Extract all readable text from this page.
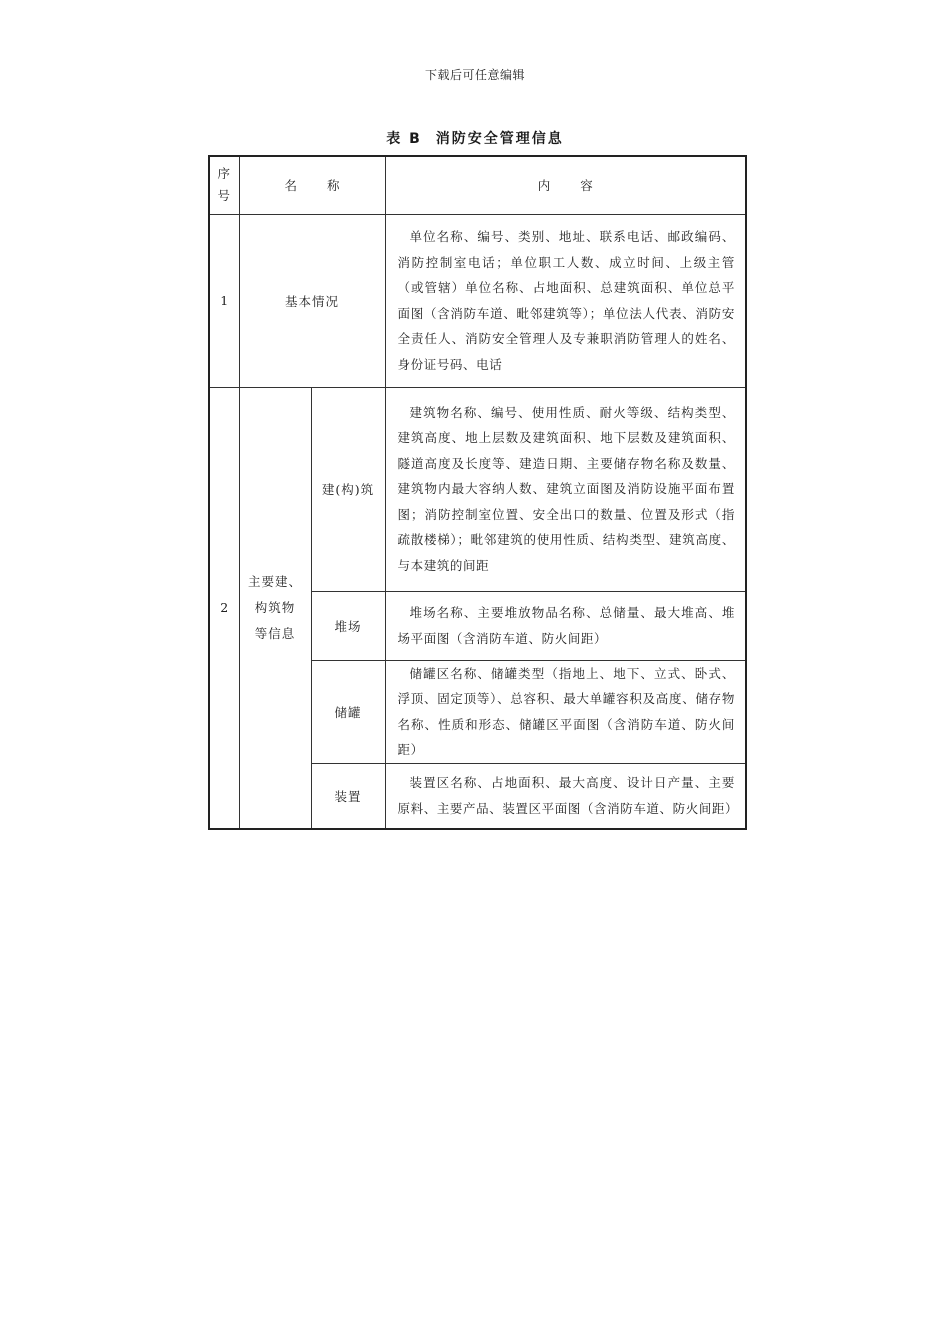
下载后可任意编辑
表 B 消防安全管理信息
序
号	名称		内容
1	基本情况		单位名称、编号、类别、地址、联系电话、邮政编码、消防控制室电话；单位职工人数、成立时间、上级主管（或管辖）单位名称、占地面积、总建筑面积、单位总平面图（含消防车道、毗邻建筑等）；单位法人代表、消防安全责任人、消防安全管理人及专兼职消防管理人的姓名、身份证号码、电话
2	主要建、
构筑物
等信息	建(构)筑	建筑物名称、编号、使用性质、耐火等级、结构类型、建筑高度、地上层数及建筑面积、地下层数及建筑面积、隧道高度及长度等、建造日期、主要储存物名称及数量、建筑物内最大容纳人数、建筑立面图及消防设施平面布置图；消防控制室位置、安全出口的数量、位置及形式（指疏散楼梯）；毗邻建筑的使用性质、结构类型、建筑高度、与本建筑的间距
		堆场	堆场名称、主要堆放物品名称、总储量、最大堆高、堆场平面图（含消防车道、防火间距）
		储罐	储罐区名称、储罐类型（指地上、地下、立式、卧式、浮顶、固定顶等）、总容积、最大单罐容积及高度、储存物名称、性质和形态、储罐区平面图（含消防车道、防火间距）
		装置	装置区名称、占地面积、最大高度、设计日产量、主要原料、主要产品、装置区平面图（含消防车道、防火间距）
